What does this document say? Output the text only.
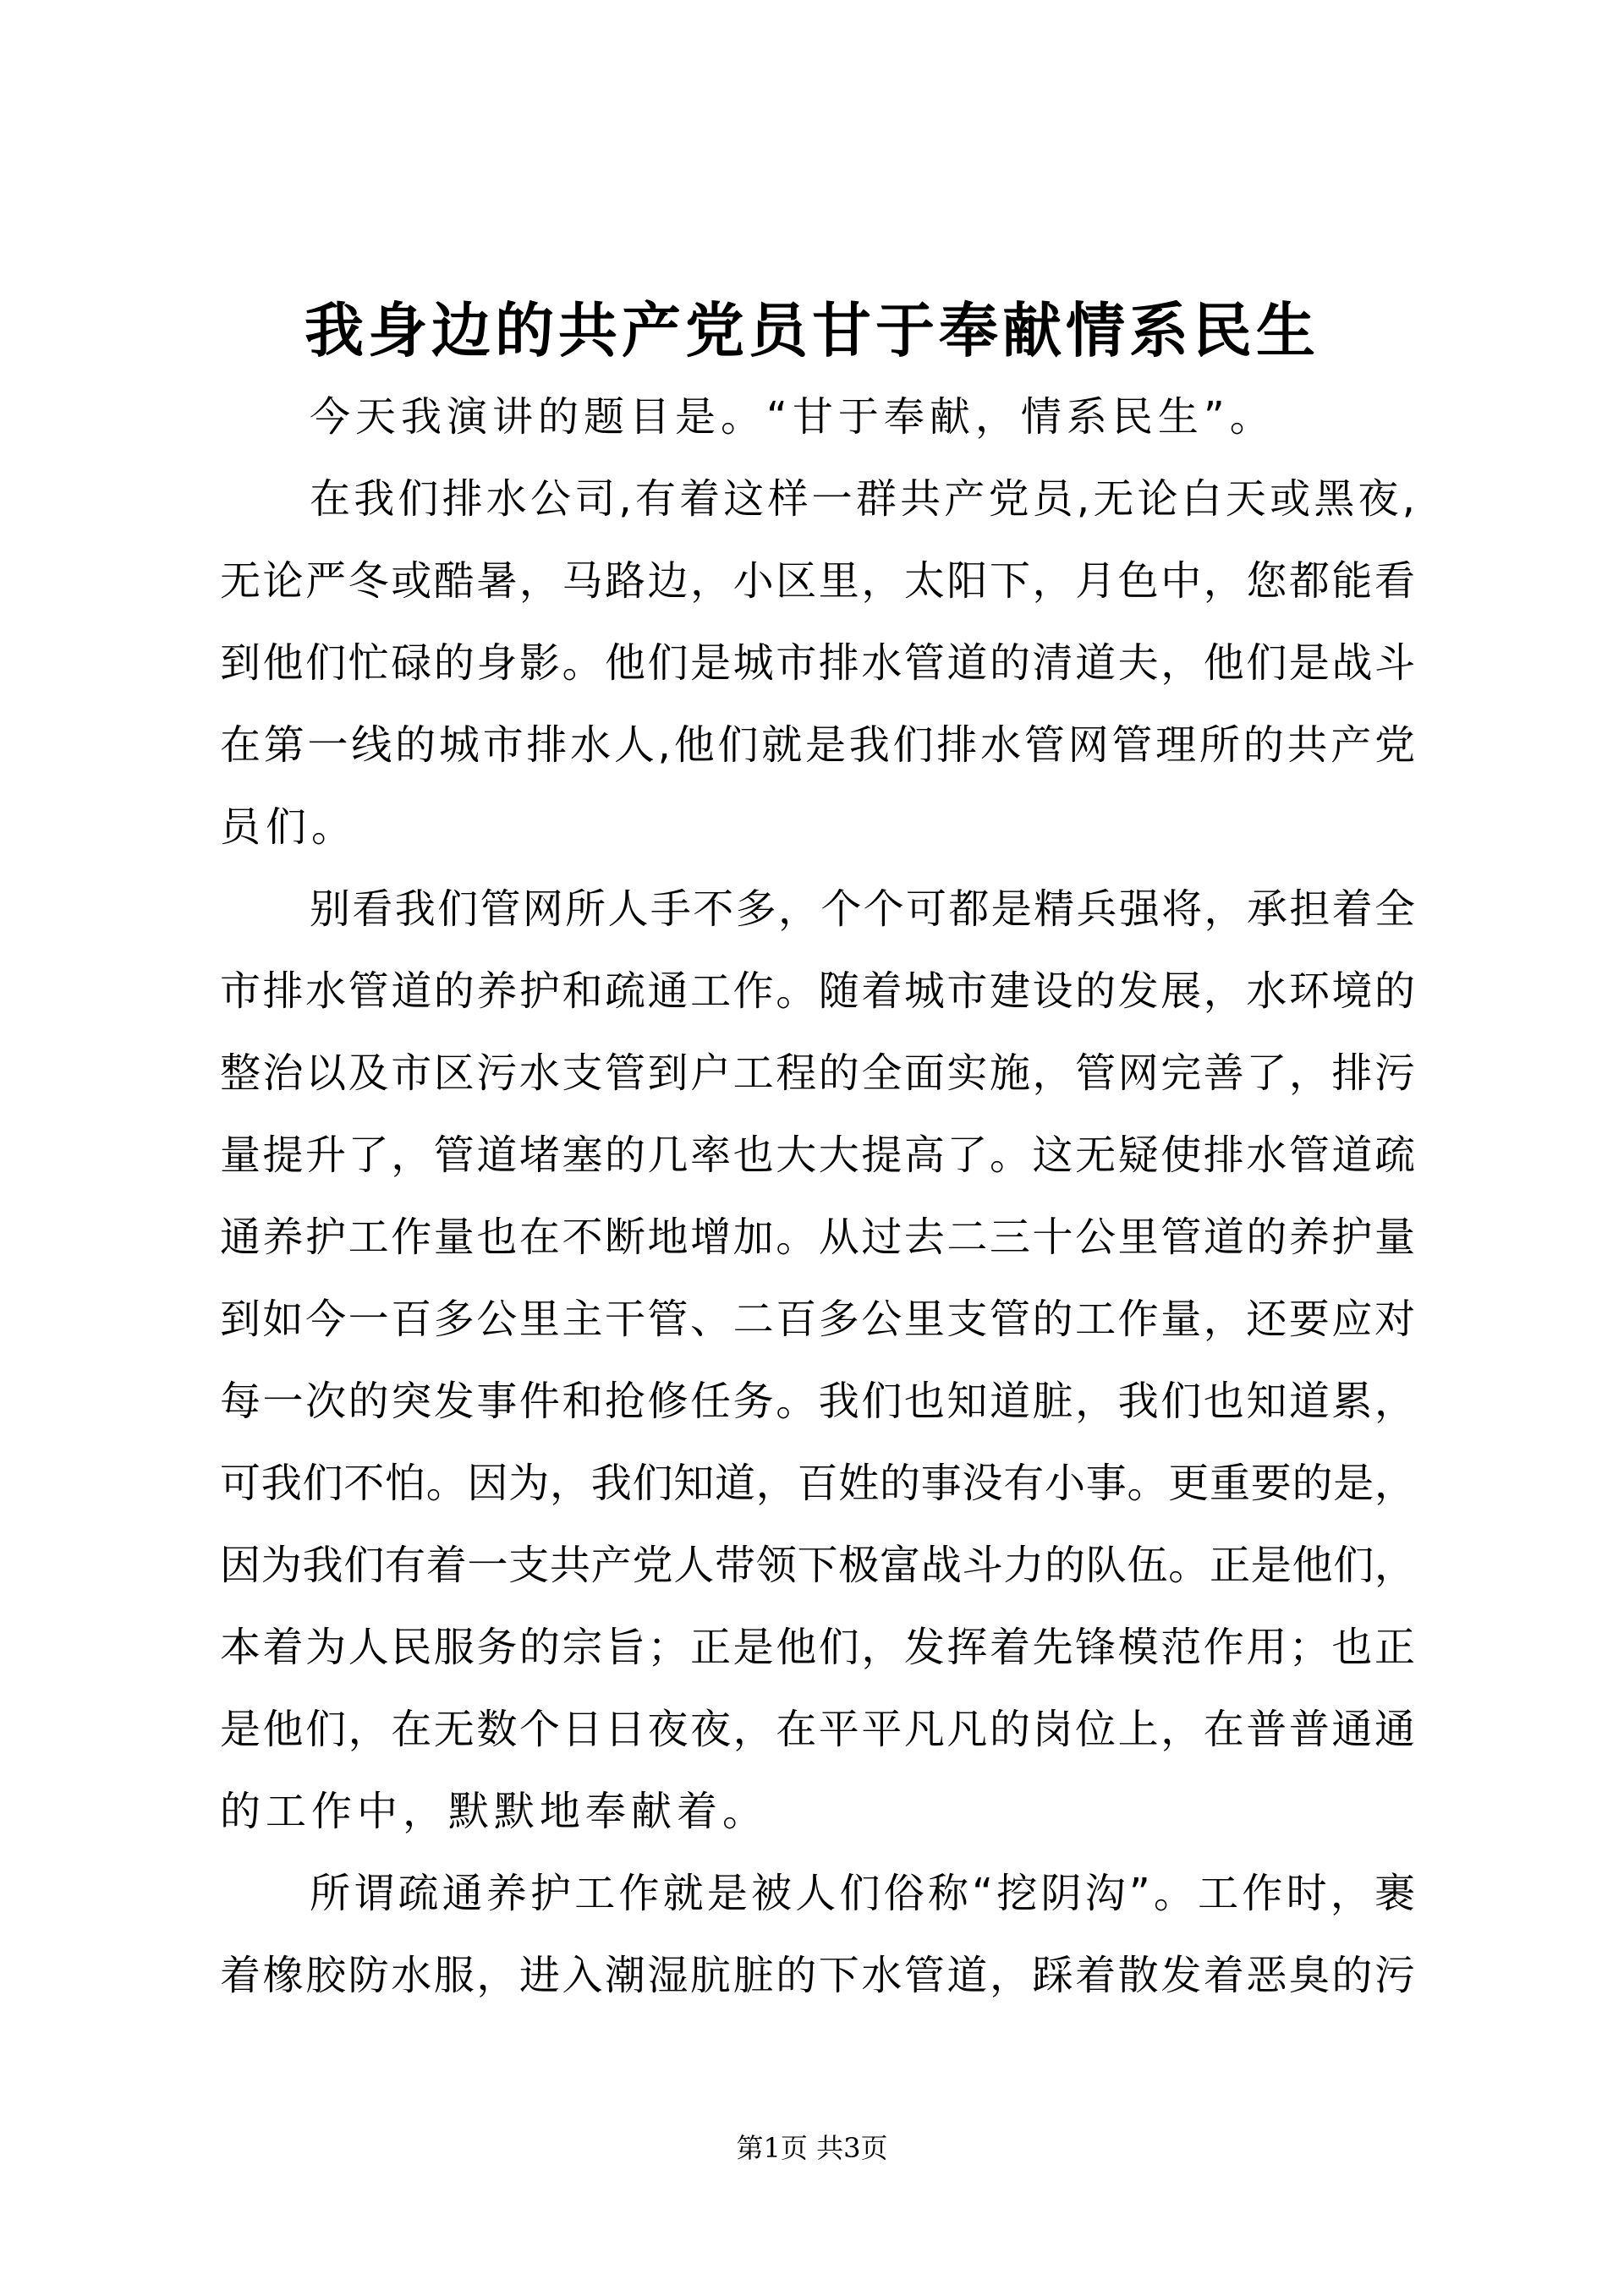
我身边的共产党员甘于奉献情系民生
今天我演讲的题目是。“甘于奉献，情系民生”。
在我们排水公司,有着这样一群共产党员,无论白天或黑夜,
无论严冬或酷暑，马路边，小区里，太阳下，月色中，您都能看
到他们忙碌的身影。他们是城市排水管道的清道夫，他们是战斗
在第一线的城市排水人,他们就是我们排水管网管理所的共产党
员们。
别看我们管网所人手不多，个个可都是精兵强将，承担着全
市排水管道的养护和疏通工作。随着城市建设的发展，水环境的
整治以及市区污水支管到户工程的全面实施，管网完善了，排污
量提升了，管道堵塞的几率也大大提高了。这无疑使排水管道疏
通养护工作量也在不断地增加。从过去二三十公里管道的养护量
到如今一百多公里主干管、二百多公里支管的工作量，还要应对
每一次的突发事件和抢修任务。我们也知道脏，我们也知道累，
可我们不怕。因为，我们知道，百姓的事没有小事。更重要的是，
因为我们有着一支共产党人带领下极富战斗力的队伍。正是他们，
本着为人民服务的宗旨；正是他们，发挥着先锋模范作用；也正
是他们，在无数个日日夜夜，在平平凡凡的岗位上，在普普通通
的工作中，默默地奉献着。
所谓疏通养护工作就是被人们俗称“挖阴沟”。工作时，裹
着橡胶防水服，进入潮湿肮脏的下水管道，踩着散发着恶臭的污
第1页 共3页
